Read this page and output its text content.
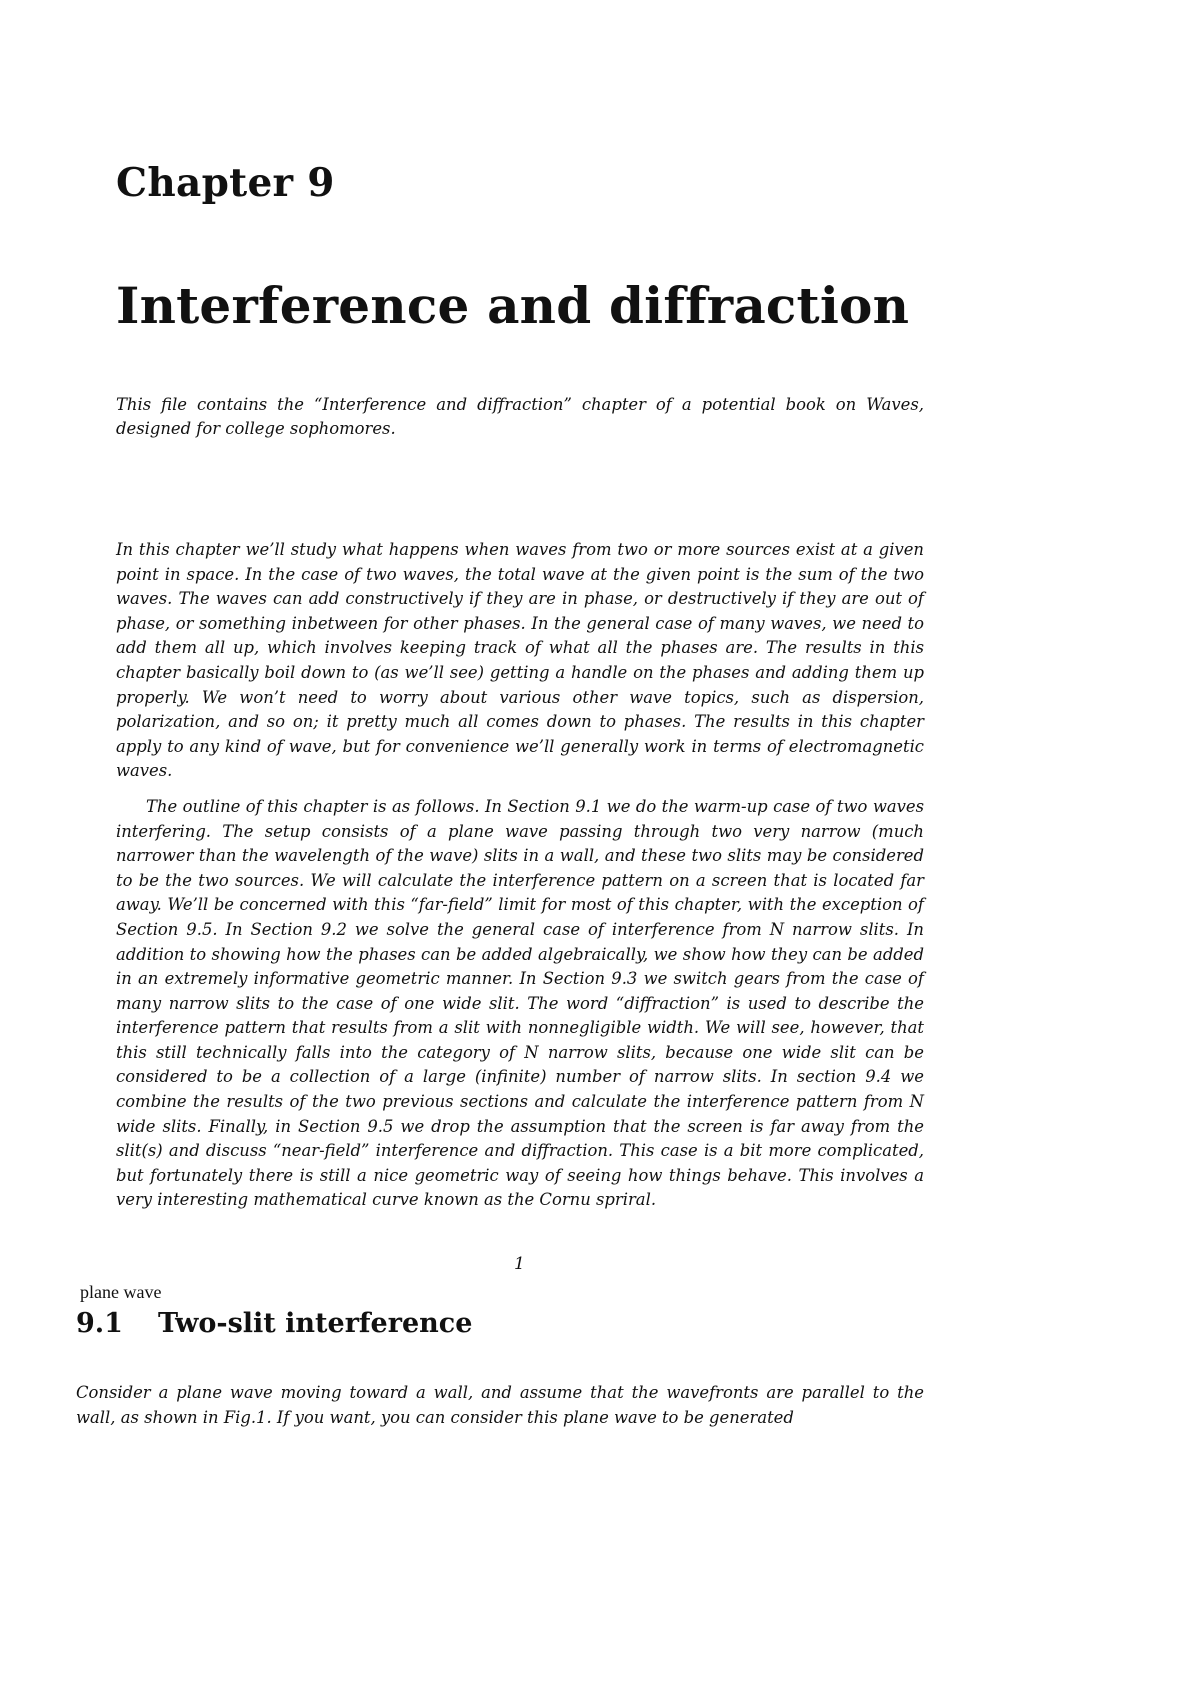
Chapter 9
Interference and diffraction

This file contains the “Interference and diffraction” chapter of a potential book on Waves, designed for college sophomores.

In this chapter we’ll study what happens when waves from two or more sources exist at a given point in space. In the case of two waves, the total wave at the given point is the sum of the two waves. The waves can add constructively if they are in phase, or destructively if they are out of phase, or something inbetween for other phases. In the general case of many waves, we need to add them all up, which involves keeping track of what all the phases are. The results in this chapter basically boil down to (as we’ll see) getting a handle on the phases and adding them up properly. We won’t need to worry about various other wave topics, such as dispersion, polarization, and so on; it pretty much all comes down to phases. The results in this chapter apply to any kind of wave, but for convenience we’ll generally work in terms of electromagnetic waves.

The outline of this chapter is as follows. In Section 9.1 we do the warm-up case of two waves interfering. The setup consists of a plane wave passing through two very narrow (much narrower than the wavelength of the wave) slits in a wall, and these two slits may be considered to be the two sources. We will calculate the interference pattern on a screen that is located far away. We’ll be concerned with this “far-field” limit for most of this chapter, with the exception of Section 9.5. In Section 9.2 we solve the general case of interference from N narrow slits. In addition to showing how the phases can be added algebraically, we show how they can be added in an extremely informative geometric manner. In Section 9.3 we switch gears from the case of many narrow slits to the case of one wide slit. The word “diffraction” is used to describe the interference pattern that results from a slit with nonnegligible width. We will see, however, that this still technically falls into the category of N narrow slits, because one wide slit can be considered to be a collection of a large (infinite) number of narrow slits. In section 9.4 we combine the results of the two previous sections and calculate the interference pattern from N wide slits. Finally, in Section 9.5 we drop the assumption that the screen is far away from the slit(s) and discuss “near-field” interference and diffraction. This case is a bit more complicated, but fortunately there is still a nice geometric way of seeing how things behave. This involves a very interesting mathematical curve known as the Cornu spriral.

1
plane wave
9.1 Two-slit interference

Consider a plane wave moving toward a wall, and assume that the wavefronts are parallel to the wall, as shown in Fig.1. If you want, you can consider this plane wave to be generated
